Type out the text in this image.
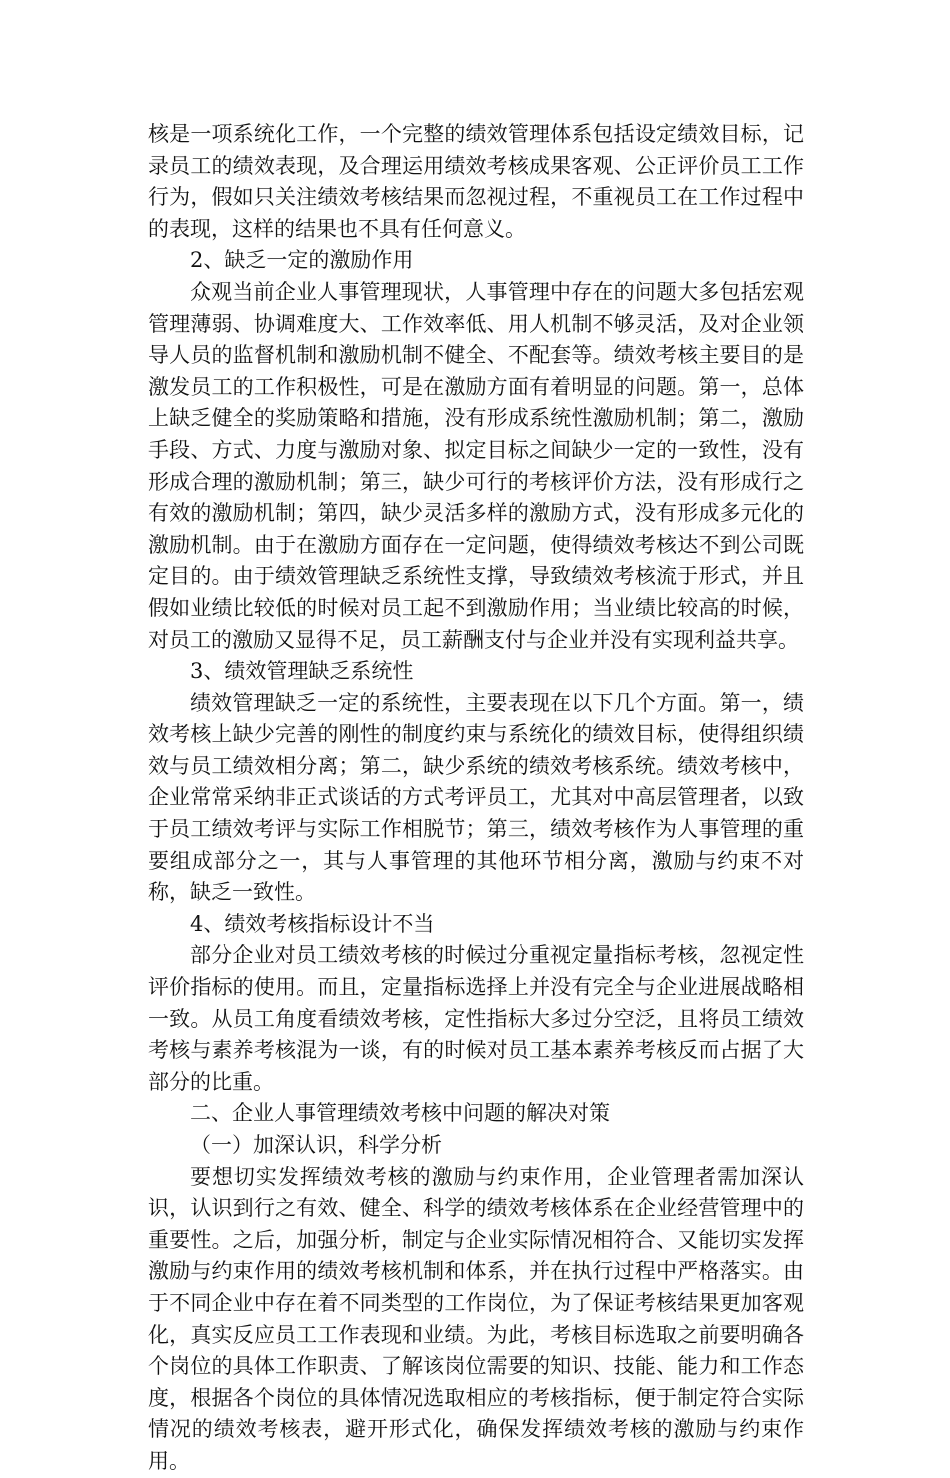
核是一项系统化工作，一个完整的绩效管理体系包括设定绩效目标，记录员工的绩效表现，及合理运用绩效考核成果客观、公正评价员工工作行为，假如只关注绩效考核结果而忽视过程，不重视员工在工作过程中的表现，这样的结果也不具有任何意义。

2、缺乏一定的激励作用

众观当前企业人事管理现状，人事管理中存在的问题大多包括宏观管理薄弱、协调难度大、工作效率低、用人机制不够灵活，及对企业领导人员的监督机制和激励机制不健全、不配套等。绩效考核主要目的是激发员工的工作积极性，可是在激励方面有着明显的问题。第一，总体上缺乏健全的奖励策略和措施，没有形成系统性激励机制；第二，激励手段、方式、力度与激励对象、拟定目标之间缺少一定的一致性，没有形成合理的激励机制；第三，缺少可行的考核评价方法，没有形成行之有效的激励机制；第四，缺少灵活多样的激励方式，没有形成多元化的激励机制。由于在激励方面存在一定问题，使得绩效考核达不到公司既定目的。由于绩效管理缺乏系统性支撑，导致绩效考核流于形式，并且假如业绩比较低的时候对员工起不到激励作用；当业绩比较高的时候，对员工的激励又显得不足，员工薪酬支付与企业并没有实现利益共享。

3、绩效管理缺乏系统性

绩效管理缺乏一定的系统性，主要表现在以下几个方面。第一，绩效考核上缺少完善的刚性的制度约束与系统化的绩效目标，使得组织绩效与员工绩效相分离；第二，缺少系统的绩效考核系统。绩效考核中，企业常常采纳非正式谈话的方式考评员工，尤其对中高层管理者，以致于员工绩效考评与实际工作相脱节；第三，绩效考核作为人事管理的重要组成部分之一，其与人事管理的其他环节相分离，激励与约束不对称，缺乏一致性。

4、绩效考核指标设计不当

部分企业对员工绩效考核的时候过分重视定量指标考核，忽视定性评价指标的使用。而且，定量指标选择上并没有完全与企业进展战略相一致。从员工角度看绩效考核，定性指标大多过分空泛，且将员工绩效考核与素养考核混为一谈，有的时候对员工基本素养考核反而占据了大部分的比重。

二、企业人事管理绩效考核中问题的解决对策

（一）加深认识，科学分析

要想切实发挥绩效考核的激励与约束作用，企业管理者需加深认识，认识到行之有效、健全、科学的绩效考核体系在企业经营管理中的重要性。之后，加强分析，制定与企业实际情况相符合、又能切实发挥激励与约束作用的绩效考核机制和体系，并在执行过程中严格落实。由于不同企业中存在着不同类型的工作岗位，为了保证考核结果更加客观化，真实反应员工工作表现和业绩。为此，考核目标选取之前要明确各个岗位的具体工作职责、了解该岗位需要的知识、技能、能力和工作态度，根据各个岗位的具体情况选取相应的考核指标，便于制定符合实际情况的绩效考核表，避开形式化，确保发挥绩效考核的激励与约束作用。
